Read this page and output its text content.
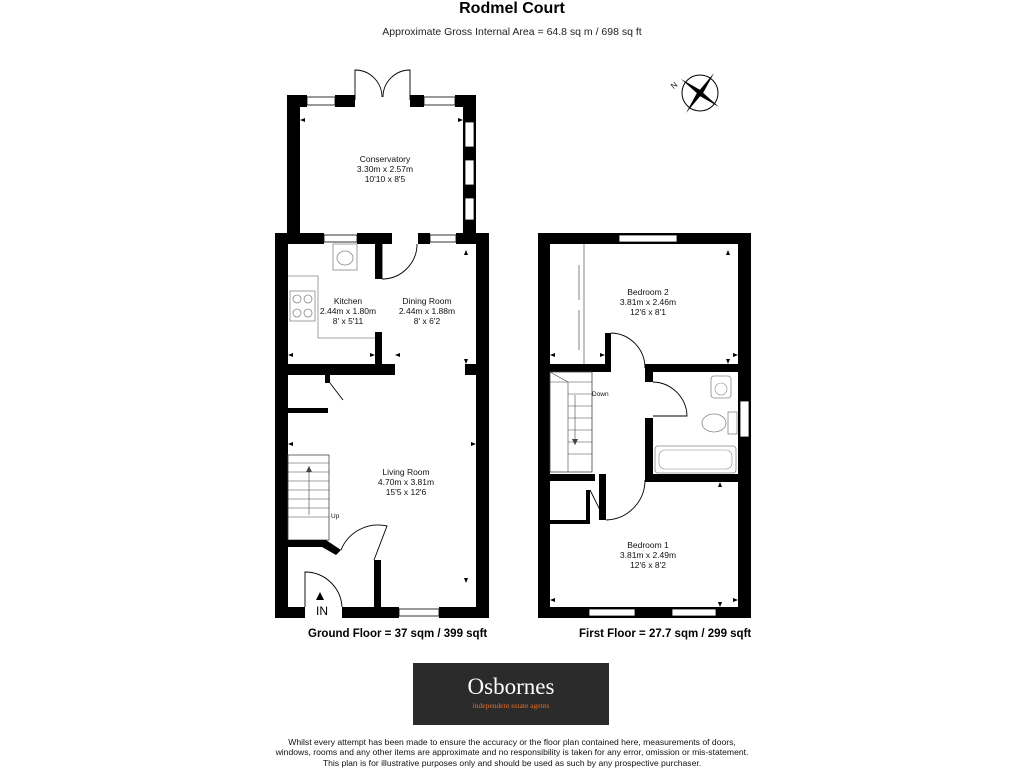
Rodmel Court
Approximate Gross Internal Area = 64.8 sq m / 698 sq ft
N
Up
Down
Conservatory
3.30m x 2.57m
10'10 x 8'5
Kitchen
2.44m x 1.80m
8' x 5'11
Dining Room
2.44m x 1.88m
8' x 6'2
Living Room
4.70m x 3.81m
15'5 x 12'6
Bedroom 2
3.81m x 2.46m
12'6 x 8'1
Bedroom 1
3.81m x 2.49m
12'6 x 8'2
IN
Ground Floor = 37 sqm / 399 sqft	First Floor = 27.7 sqm / 299 sqft
Osbornes
independent estate agents
Whilst every attempt has been made to ensure the accuracy or the floor plan contained here, measurements of doors,
windows, rooms and any other items are approximate and no responsibility is taken for any error, omission or mis-statement.
This plan is for illustrative purposes only and should be used as such by any prospective purchaser.
